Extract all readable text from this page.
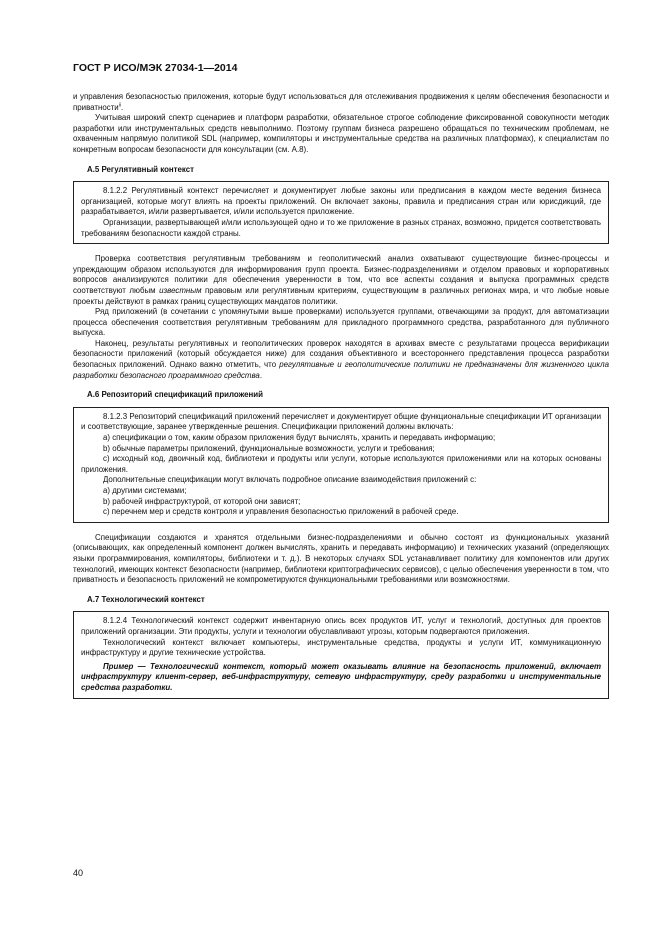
ГОСТ Р ИСО/МЭК 27034-1—2014

и управления безопасностью приложения, которые будут использоваться для отслеживания продвижения к целям обеспечения безопасности и приватности$^{ii}$.

Учитывая широкий спектр сценариев и платформ разработки, обязательное строгое соблюдение фиксированной совокупности методик разработки или инструментальных средств невыполнимо. Поэтому группам бизнеса разрешено обращаться по техническим проблемам, не охваченным напрямую политикой SDL (например, компиляторы и инструментальные средства на различных платформах), к специалистам по конкретным вопросам безопасности для консультации (см. А.8).

А.5 Регулятивный контекст

8.1.2.2 Регулятивный контекст перечисляет и документирует любые законы или предписания в каждом месте ведения бизнеса организацией, которые могут влиять на проекты приложений. Он включает законы, правила и предписания стран или юрисдикций, где разрабатывается, и/или развертывается, и/или используется приложение.

Организации, развертывающей и/или использующей одно и то же приложение в разных странах, возможно, придется соответствовать требованиям безопасности каждой страны.

Проверка соответствия регулятивным требованиям и геополитический анализ охватывают существующие бизнес-процессы и упреждающим образом используются для информирования групп проекта. Бизнес-подразделениями и отделом правовых и корпоративных вопросов анализируются политики для обеспечения уверенности в том, что все аспекты создания и выпуска программных средств соответствуют любым известным правовым или регулятивным критериям, существующим в различных регионах мира, и что любые новые проекты действуют в рамках границ существующих мандатов политики.

Ряд приложений (в сочетании с упомянутыми выше проверками) используется группами, отвечающими за продукт, для автоматизации процесса обеспечения соответствия регулятивным требованиям для прикладного программного средства, разработанного для публичного выпуска.

Наконец, результаты регулятивных и геополитических проверок находятся в архивах вместе с результатами процесса верификации безопасности приложений (который обсуждается ниже) для создания объективного и всестороннего представления процесса разработки безопасных приложений. Однако важно отметить, что регулятивные и геополитические политики не предназначены для жизненного цикла разработки безопасного программного средства.

А.6 Репозиторий спецификаций приложений

8.1.2.3 Репозиторий спецификаций приложений перечисляет и документирует общие функциональные спецификации ИТ организации и соответствующие, заранее утвержденные решения. Спецификации приложений должны включать:

a) спецификации о том, каким образом приложения будут вычислять, хранить и передавать информацию;

b) обычные параметры приложений, функциональные возможности, услуги и требования;

c) исходный код, двоичный код, библиотеки и продукты или услуги, которые используются приложениями или на которых основаны приложения.

Дополнительные спецификации могут включать подробное описание взаимодействия приложений с:

a) другими системами;

b) рабочей инфраструктурой, от которой они зависят;

c) перечнем мер и средств контроля и управления безопасностью приложений в рабочей среде.

Спецификации создаются и хранятся отдельными бизнес-подразделениями и обычно состоят из функциональных указаний (описывающих, как определенный компонент должен вычислять, хранить и передавать информацию) и технических указаний (определяющих языки программирования, компиляторы, библиотеки и т. д.). В некоторых случаях SDL устанавливает политику для компонентов или других технологий, имеющих контекст безопасности (например, библиотеки криптографических сервисов), с целью обеспечения уверенности в том, что приватность и безопасность приложений не компрометируются функциональными требованиями или возможностями.

А.7 Технологический контекст

8.1.2.4 Технологический контекст содержит инвентарную опись всех продуктов ИТ, услуг и технологий, доступных для проектов приложений организации. Эти продукты, услуги и технологии обуславливают угрозы, которым подвергаются приложения.

Технологический контекст включает компьютеры, инструментальные средства, продукты и услуги ИТ, коммуникационную инфраструктуру и другие технические устройства.

Пример — Технологический контекст, который может оказывать влияние на безопасность приложений, включает инфраструктуру клиент-сервер, веб-инфраструктуру, сетевую инфраструктуру, среду разработки и инструментальные средства разработки.

40
